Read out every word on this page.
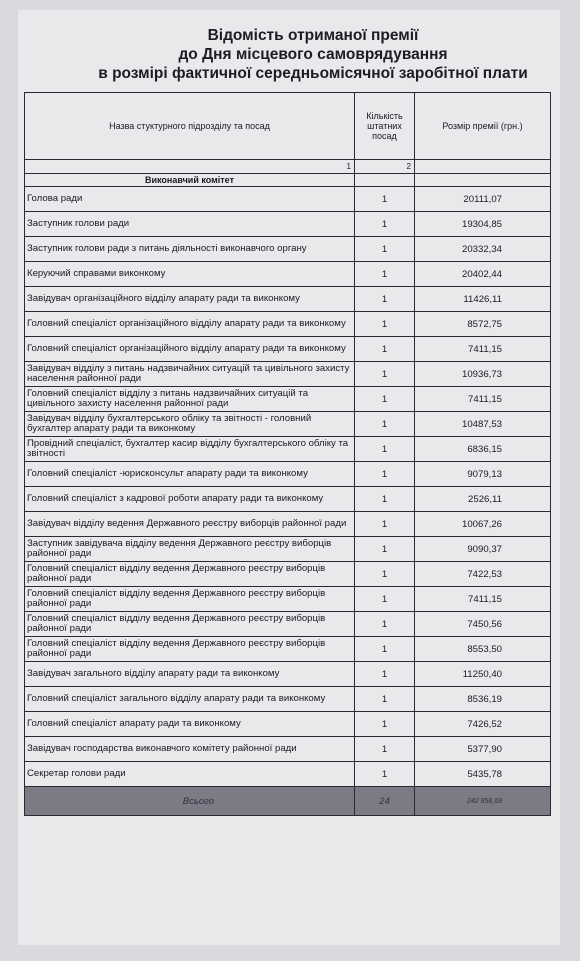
Відомість отриманої премії
до Дня місцевого самоврядування
в розмірі фактичної середньомісячної заробітної плати
Назва стуктурного підрозділу та посад	Кількість штатних посад	Розмір премії (грн.)
1	2	
Виконавчий комітет		
Голова ради	1	20111,07
Заступник голови ради	1	19304,85
Заступник голови ради з питань діяльності виконавчого органу	1	20332,34
Керуючий справами виконкому	1	20402,44
Завідувач організаційного відділу апарату ради та виконкому	1	11426,11
Головний спеціаліст організаційного відділу апарату ради та виконкому	1	8572,75
Головний спеціаліст організаційного відділу апарату ради та виконкому	1	7411,15
Завідувач відділу з питань надзвичайних ситуацій та цивільного захисту населення районної ради	1	10936,73
Головний спеціаліст відділу з питань надзвичайних ситуацій та цивільного захисту населення районної ради	1	7411,15
Завідувач відділу бухгалтерського обліку та звітності - головний бухгалтер апарату ради та виконкому	1	10487,53
Провідний спеціаліст, бухгалтер касир відділу бухгалтерського обліку та звітності	1	6836,15
Головний спеціаліст -юрисконсульт апарату ради та виконкому	1	9079,13
Головний спеціаліст з кадрової роботи апарату ради та виконкому	1	2526,11
Завідувач відділу ведення Державного реєстру виборців районної ради	1	10067,26
Заступник завідувача відділу ведення Державного реєстру виборців районної ради	1	9090,37
Головний спеціаліст відділу ведення Державного реєстру виборців районної ради	1	7422,53
Головний спеціаліст відділу ведення Державного реєстру виборців районної ради	1	7411,15
Головний спеціаліст відділу ведення Державного реєстру виборців районної ради	1	7450,56
Головний спеціаліст відділу ведення Державного реєстру виборців районної ради	1	8553,50
Завідувач загального відділу апарату ради та виконкому	1	11250,40
Головний спеціаліст загального відділу апарату ради та виконкому	1	8536,19
Головний спеціаліст апарату ради та виконкому	1	7426,52
Завідувач господарства виконавчого комітету районної ради	1	5377,90
Секретар голови ради	1	5435,78
Всього	24	242 858,69
